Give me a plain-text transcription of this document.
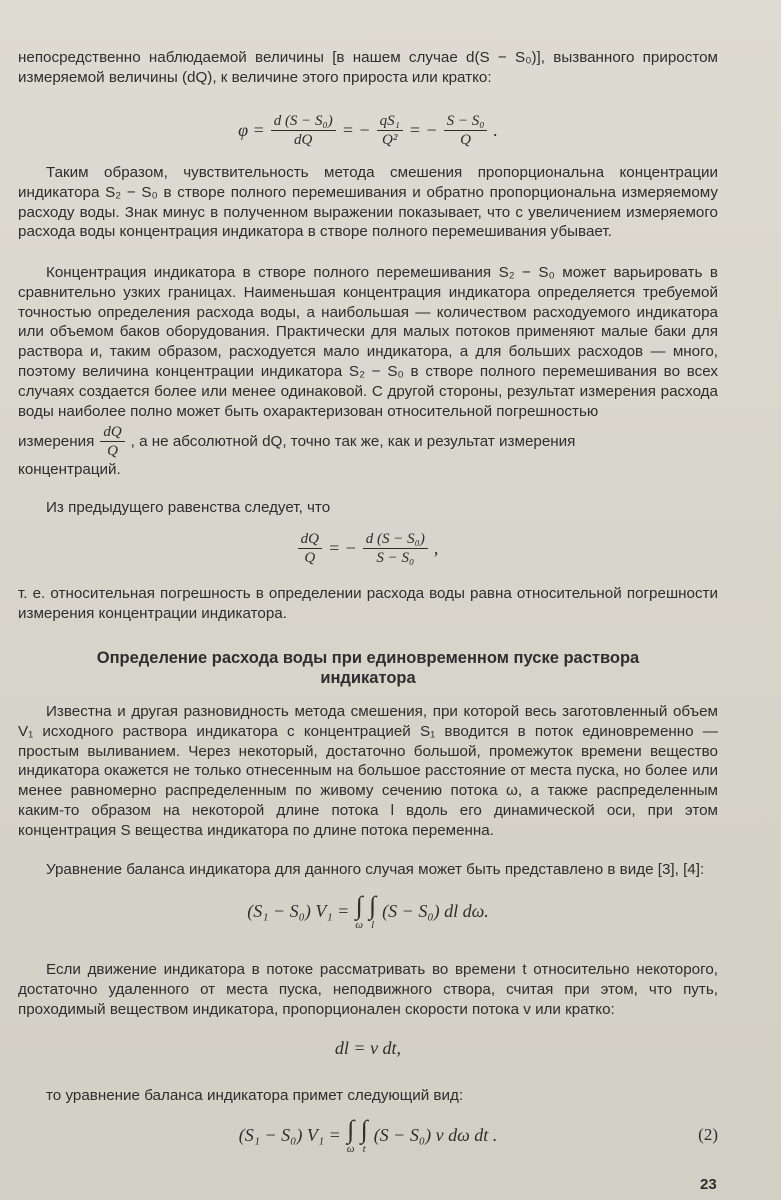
непосредственно наблюдаемой величины [в нашем случае d(S − S₀)], вызванного приростом измеряемой величины (dQ), к величине этого прироста или кратко:

$\varphi = \frac{\text{d (S − S₀)}}{dQ}$ = − $\frac{\text{qS₁}}{\text{Q²}}$ = − $\frac{\text{S − S₀}}{Q}$ .

Таким образом, чувствительность метода смешения пропорциональна концентрации индикатора S₂ − S₀ в створе полного перемешивания и обратно пропорциональна измеряемому расходу воды. Знак минус в полученном выражении показывает, что с увеличением измеряемого расхода воды концентрация индикатора в створе полного перемешивания убывает.

Концентрация индикатора в створе полного перемешивания S₂ − S₀ может варьировать в сравнительно узких границах. Наименьшая концентрация индикатора определяется требуемой точностью определения расхода воды, а наибольшая — количеством расходуемого индикатора или объемом баков оборудования. Практически для малых потоков применяют малые баки для раствора и, таким образом, расходуется мало индикатора, а для больших расходов — много, поэтому величина концентрации индикатора S₂ − S₀ в створе полного перемешивания во всех случаях создается более или менее одинаковой. С другой стороны, результат измерения расхода воды наиболее полно может быть охарактеризован относительной погрешностью

измерения $\frac{dQ}{Q}$ , а не абсолютной dQ, точно так же, как и результат измерения

концентраций.

Из предыдущего равенства следует, что

$\frac{dQ}{Q}$ = − $\frac{\text{d (S − S₀)}}{\text{S − S₀}}$ ,

т. е. относительная погрешность в определении расхода воды равна относительной погрешности измерения концентрации индикатора.

Определение расхода воды при единовременном пуске раствора индикатора

Известна и другая разновидность метода смешения, при которой весь заготовленный объем V₁ исходного раствора индикатора с концентрацией S₁ вводится в поток единовременно — простым выливанием. Через некоторый, достаточно большой, промежуток времени вещество индикатора окажется не только отнесенным на большое расстояние от места пуска, но более или менее равномерно распределенным по живому сечению потока ω, а также распределенным каким-то образом на некоторой длине потока l вдоль его динамической оси, при этом концентрация S вещества индикатора по длине потока переменна.

Уравнение баланса индикатора для данного случая может быть представлено в виде [3], [4]:

(S₁ − S₀) V₁ = ∫
ω
∫
l
(S − S₀) dl dω.

Если движение индикатора в потоке рассматривать во времени t относительно некоторого, достаточно удаленного от места пуска, неподвижного створа, считая при этом, что путь, проходимый веществом индикатора, пропорционален скорости потока v или кратко:

dl = v dt,

то уравнение баланса индикатора примет следующий вид:

(S₁ − S₀) V₁ = ∫
ω
∫
t
(S − S₀) v dω dt .	(2)
23
